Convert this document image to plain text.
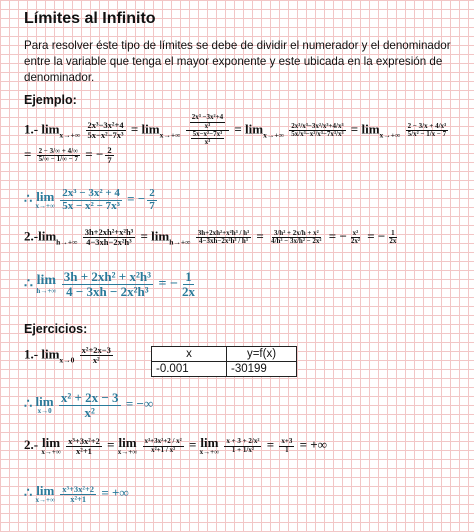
Límites al Infinito
Para resolver éste tipo de límites se debe de dividir el numerador y el denominador entre la variable que tenga el mayor exponente y este ubicada en la expresión de denominador.
Ejemplo:
1.- $\lim_{x\to+\infty} \frac{\text{2x³−3x²+4}}{\text{5x−x²−7x³}} = \lim_{x\to+\infty} \frac{\frac{\text{2x³ −3x²+4}}{\text{x³}}}{\frac{\text{5x−x²−7x³}}{\text{x³}}} = \lim_{x\to+\infty} \frac{\text{2x³/x³−3x²/x³+4/x³}}{\text{5x/x³−x²/x³−7x³/x³}} = \lim_{x\to+\infty} \frac{\text{2 − 3/x + 4/x³}}{\text{5/x² − 1/x − 7}}$
= $\frac{2 - 3/\infty + 4/\infty}{5/\infty - 1/\infty - 7}$ = − $\frac{2}{7}$
∴ lim
x→+∞
$\frac{\text{2x³ − 3x² + 4}}{\text{5x − x² − 7x³}}$ = − $\frac{2}{7}$
$2.-\lim_{h\to+\infty} \frac{\text{3h+2xh²+x²h³}}{\text{4−3xh−2x²h³}} = \lim_{h\to+\infty} \frac{\text{3h+2xh²+x²h³ / h³}}{\text{4−3xh−2x²h³ / h³}} = \frac{\text{3/h² + 2x/h + x²}}{\text{4/h³ − 3x/h² − 2x²}}$ = − $\frac{\text{x²}}{\text{2x²}}$ = − $\frac{1}{2x}$
∴ lim
h→+∞
$\frac{\text{3h + 2xh² + x²h³}}{\text{4 − 3xh − 2x²h³}}$ = − $\frac{1}{2x}$
Ejercicios:
1.- $\lim_{x\to 0} \frac{\text{x²+2x−3}}{\text{x²}}$	x	y=f(x)
-0.001	-30199
∴ lim
x→0
$\frac{\text{x² + 2x − 3}}{\text{x²}}$ = −∞
2.- lim
x→+∞
$\frac{\text{x³+3x²+2}}{\text{x²+1}} = \lim$
x→+∞
$\frac{\text{x³+3x²+2 / x²}}{\text{x²+1 / x²}} = \lim$
x→+∞
$\frac{\text{x + 3 + 2/x²}}{\text{1 + 1/x²}} = \frac{x+3}{1}$ = +∞
∴ lim
x→+∞
$\frac{\text{x³+3x²+2}}{\text{x²+1}}$ = +∞
